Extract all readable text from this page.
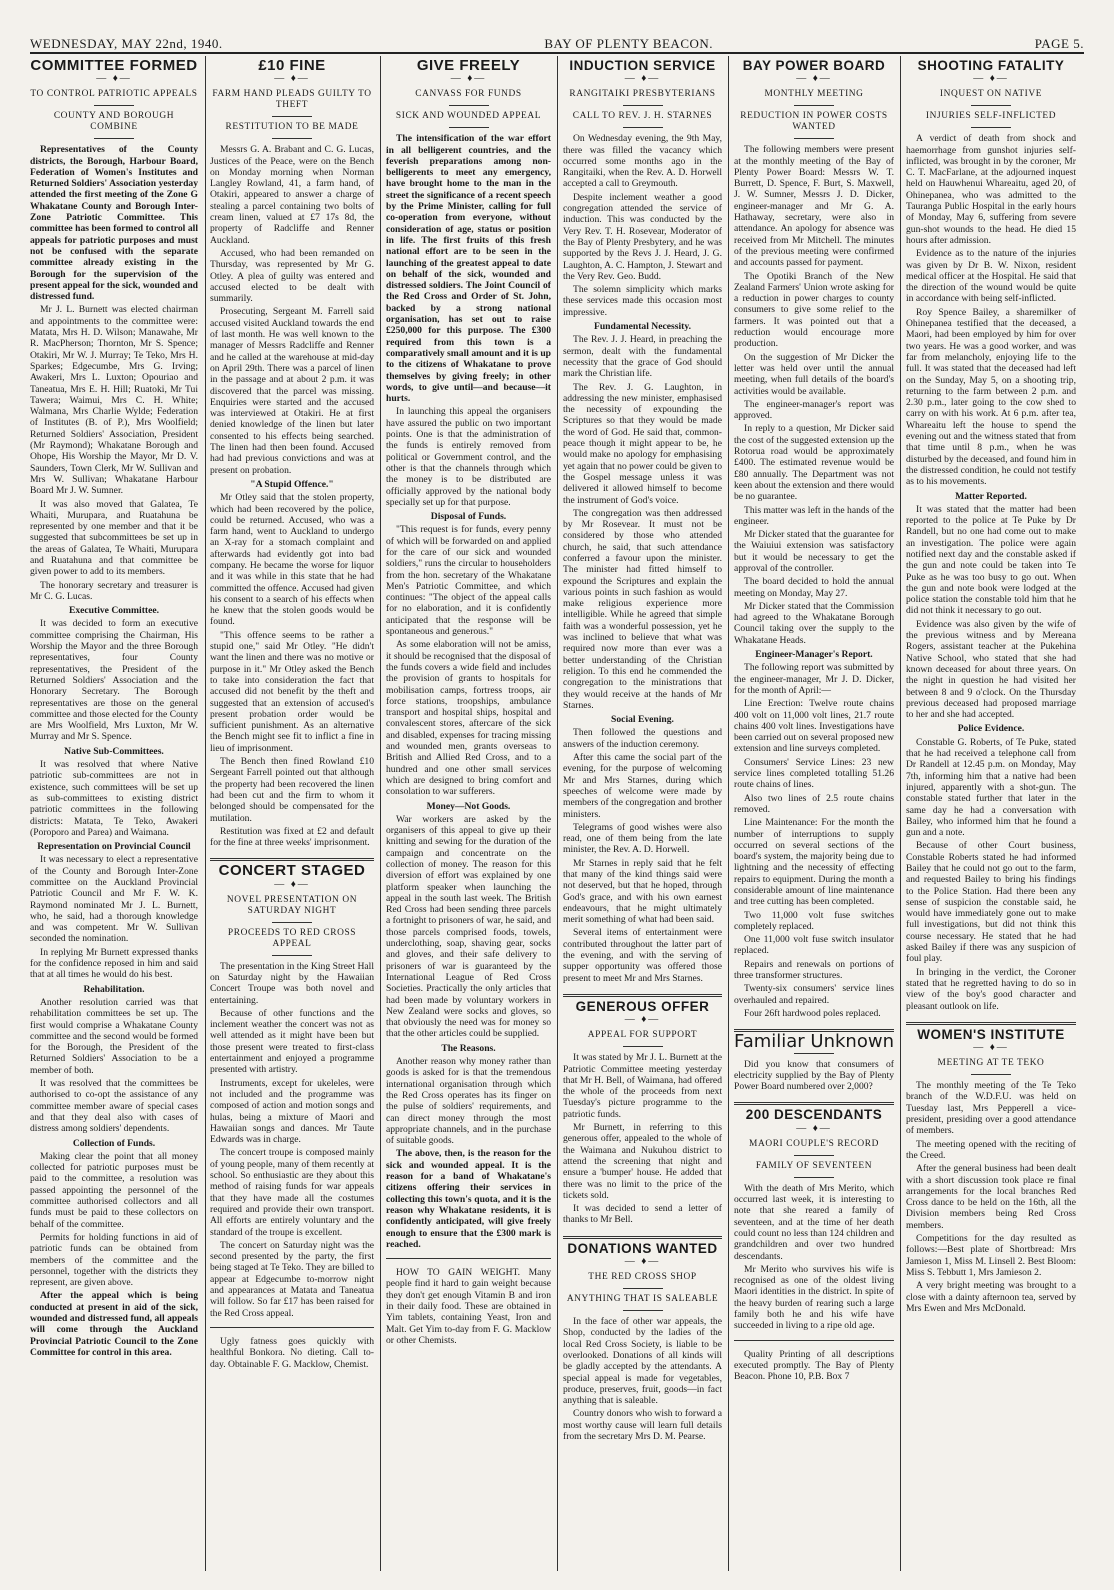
WEDNESDAY, MAY 22nd, 1940.	BAY OF PLENTY BEACON.	PAGE 5.
COMMITTEE FORMED
— ♦—
TO CONTROL PATRIOTIC APPEALS
COUNTY AND BOROUGH COMBINE

Representatives of the County districts, the Borough, Harbour Board, Federation of Women's Institutes and Returned Soldiers' Association yesterday attended the first meeting of the Zone G Whakatane County and Borough Inter-Zone Patriotic Committee. This committee has been formed to control all appeals for patriotic purposes and must not be confused with the separate committee already existing in the Borough for the supervision of the present appeal for the sick, wounded and distressed fund.

Mr J. L. Burnett was elected chairman and appointments to the committee were: Matata, Mrs H. D. Wilson; Manawahe, Mr R. MacPherson; Thornton, Mr S. Spence; Otakiri, Mr W. J. Murray; Te Teko, Mrs H. Sparkes; Edgecumbe, Mrs G. Irving; Awakeri, Mrs L. Luxton; Opouriao and Taneatua, Mrs E. H. Hill; Ruatoki, Mr Tui Tawera; Waimui, Mrs C. H. White; Walmana, Mrs Charlie Wylde; Federation of Institutes (B. of P.), Mrs Woolfield; Returned Soldiers' Association, President (Mr Raymond); Whakatane Borough and Ohope, His Worship the Mayor, Mr D. V. Saunders, Town Clerk, Mr W. Sullivan and Mrs W. Sullivan; Whakatane Harbour Board Mr J. W. Sumner.

It was also moved that Galatea, Te Whaiti, Murupara, and Ruatahuna be represented by one member and that it be suggested that subcommittees be set up in the areas of Galatea, Te Whaiti, Murupara and Ruatahuna and that committee be given power to add to its members.

The honorary secretary and treasurer is Mr C. G. Lucas.

Executive Committee.

It was decided to form an executive committee comprising the Chairman, His Worship the Mayor and the three Borough representatives, four County representatives, the President of the Returned Soldiers' Association and the Honorary Secretary. The Borough representatives are those on the general committee and those elected for the County are Mrs Woolfield, Mrs Luxton, Mr W. Murray and Mr S. Spence.

Native Sub-Committees.

It was resolved that where Native patriotic sub-committees are not in existence, such committees will be set up as sub-committees to existing district patriotic committees in the following districts: Matata, Te Teko, Awakeri (Poroporo and Pareа) and Waimana.

Representation on Provincial Council

It was necessary to elect a representative of the County and Borough Inter-Zone committee on the Auckland Provincial Patriotic Council and Mr F. W. K. Raymond nominated Mr J. L. Burnett, who, he said, had a thorough knowledge and was competent. Mr W. Sullivan seconded the nomination.

In replying Mr Burnett expressed thanks for the confidence reposed in him and said that at all times he would do his best.

Rehabilitation.

Another resolution carried was that rehabilitation committees be set up. The first would comprise a Whakatane County committee and the second would be formed for the Borough, the President of the Returned Soldiers' Association to be a member of both.

It was resolved that the committees be authorised to co-opt the assistance of any committee member aware of special cases and that they deal also with cases of distress among soldiers' dependents.

Collection of Funds.

Making clear the point that all money collected for patriotic purposes must be paid to the committee, a resolution was passed appointing the personnel of the committee authorised collectors and all funds must be paid to these collectors on behalf of the committee.

Permits for holding functions in aid of patriotic funds can be obtained from members of the committee and the personnel, together with the districts they represent, are given above.

After the appeal which is being conducted at present in aid of the sick, wounded and distressed fund, all appeals will come through the Auckland Provincial Patriotic Council to the Zone Committee for control in this area.

£10 FINE
— ♦—
FARM HAND PLEADS GUILTY TO THEFT
RESTITUTION TO BE MADE

Messrs G. A. Brabant and C. G. Lucas, Justices of the Peace, were on the Bench on Monday morning when Norman Langley Rowland, 41, a farm hand, of Otakiri, appeared to answer a charge of stealing a parcel containing two bolts of cream linen, valued at £7 17s 8d, the property of Radcliffe and Renner Auckland.

Accused, who had been remanded on Thursday, was represented by Mr G. Otley. A plea of guilty was entered and accused elected to be dealt with summarily.

Prosecuting, Sergeant M. Farrell said accused visited Auckland towards the end of last month. He was well known to the manager of Messrs Radcliffe and Renner and he called at the warehouse at mid-day on April 29th. There was a parcel of linen in the passage and at about 2 p.m. it was discovered that the parcel was missing. Enquiries were started and the accused was interviewed at Otakiri. He at first denied knowledge of the linen but later consented to his effects being searched. The linen had then been found. Accused had had previous convictions and was at present on probation.

"A Stupid Offence."

Mr Otley said that the stolen property, which had been recovered by the police, could be returned. Accused, who was a farm hand, went to Auckland to undergo an X-ray for a stomach complaint and afterwards had evidently got into bad company. He became the worse for liquor and it was while in this state that he had committed the offence. Accused had given his consent to a search of his effects when he knew that the stolen goods would be found.

"This offence seems to be rather a stupid one," said Mr Otley. "He didn't want the linen and there was no motive or purpose in it." Mr Otley asked the Bench to take into consideration the fact that accused did not benefit by the theft and suggested that an extension of accused's present probation order would be sufficient punishment. As an alternative the Bench might see fit to inflict a fine in lieu of imprisonment.

The Bench then fined Rowland £10 Sergeant Farrell pointed out that although the property had been recovered the linen had been cut and the firm to whom it belonged should be compensated for the mutilation.

Restitution was fixed at £2 and default for the fine at three weeks' imprisonment.

CONCERT STAGED
— ♦—
NOVEL PRESENTATION ON SATURDAY NIGHT
PROCEEDS TO RED CROSS APPEAL

The presentation in the King Street Hall on Saturday night by the Hawaiian Concert Troupe was both novel and entertaining.

Because of other functions and the inclement weather the concert was not as well attended as it might have been but those present were treated to first-class entertainment and enjoyed a programme presented with artistry.

Instruments, except for ukeleles, were not included and the programme was composed of action and motion songs and hulas, being a mixture of Maori and Hawaiian songs and dances. Mr Taute Edwards was in charge.

The concert troupe is composed mainly of young people, many of them recently at school. So enthusiastic are they about this method of raising funds for war appeals that they have made all the costumes required and provide their own transport. All efforts are entirely voluntary and the standard of the troupe is excellent.

The concert on Saturday night was the second presented by the party, the first being staged at Te Teko. They are billed to appear at Edgecumbe to-morrow night and appearances at Matata and Taneatua will follow. So far £17 has been raised for the Red Cross appeal.

Ugly fatness goes quickly with healthful Bonkora. No dieting. Call to-day. Obtainable F. G. Macklow, Chemist.

GIVE FREELY
— ♦—
CANVASS FOR FUNDS
SICK AND WOUNDED APPEAL

The intensification of the war effort in all belligerent countries, and the feverish preparations among non-belligerents to meet any emergency, have brought home to the man in the street the significance of a recent speech by the Prime Minister, calling for full co-operation from everyone, without consideration of age, status or position in life. The first fruits of this fresh national effort are to be seen in the launching of the greatest appeal to date on behalf of the sick, wounded and distressed soldiers. The Joint Council of the Red Cross and Order of St. John, backed by a strong national organisation, has set out to raise £250,000 for this purpose. The £300 required from this town is a comparatively small amount and it is up to the citizens of Whakatane to prove themselves by giving freely; in other words, to give until—and because—it hurts.

In launching this appeal the organisers have assured the public on two important points. One is that the administration of the funds is entirely removed from political or Government control, and the other is that the channels through which the money is to be distributed are officially approved by the national body specially set up for that purpose.

Disposal of Funds.

"This request is for funds, every penny of which will be forwarded on and applied for the care of our sick and wounded soldiers," runs the circular to householders from the hon. secretary of the Whakatane Men's Patriotic Committee, and which continues: "The object of the appeal calls for no elaboration, and it is confidently anticipated that the response will be spontaneous and generous."

As some elaboration will not be amiss, it should be recognised that the disposal of the funds covers a wide field and includes the provision of grants to hospitals for mobilisation camps, fortress troops, air force stations, troopships, ambulance transport and hospital ships, hospital and convalescent stores, aftercare of the sick and disabled, expenses for tracing missing and wounded men, grants overseas to British and Allied Red Cross, and to a hundred and one other small services which are designed to bring comfort and consolation to war sufferers.

Money—Not Goods.

War workers are asked by the organisers of this appeal to give up their knitting and sewing for the duration of the campaign and concentrate on the collection of money. The reason for this diversion of effort was explained by one platform speaker when launching the appeal in the south last week. The British Red Cross had been sending three parcels a fortnight to prisoners of war, he said, and those parcels comprised foods, towels, underclothing, soap, shaving gear, socks and gloves, and their safe delivery to prisoners of war is guaranteed by the International League of Red Cross Societies. Practically the only articles that had been made by voluntary workers in New Zealand were socks and gloves, so that obviously the need was for money so that the other articles could be supplied.

The Reasons.

Another reason why money rather than goods is asked for is that the tremendous international organisation through which the Red Cross operates has its finger on the pulse of soldiers' requirements, and can direct money through the most appropriate channels, and in the purchase of suitable goods.

The above, then, is the reason for the sick and wounded appeal. It is the reason for a band of Whakatane's citizens offering their services in collecting this town's quota, and it is the reason why Whakatane residents, it is confidently anticipated, will give freely enough to ensure that the £300 mark is reached.

HOW TO GAIN WEIGHT. Many people find it hard to gain weight because they don't get enough Vitamin B and iron in their daily food. These are obtained in Yim tablets, containing Yeast, Iron and Malt. Get Yim to-day from F. G. Macklow or other Chemists.

INDUCTION SERVICE
— ♦—
RANGITAIKI PRESBYTERIANS
CALL TO REV. J. H. STARNES

On Wednesday evening, the 9th May, there was filled the vacancy which occurred some months ago in the Rangitaiki, when the Rev. A. D. Horwell accepted a call to Greymouth.

Despite inclement weather a good congregation attended the service of induction. This was conducted by the Very Rev. T. H. Rosevear, Moderator of the Bay of Plenty Presbytery, and he was supported by the Revs J. J. Heard, J. G. Laughton, A. C. Hampton, J. Stewart and the Very Rev. Geo. Budd.

The solemn simplicity which marks these services made this occasion most impressive.

Fundamental Necessity.

The Rev. J. J. Heard, in preaching the sermon, dealt with the fundamental necessity that the grace of God should mark the Christian life.

The Rev. J. G. Laughton, in addressing the new minister, emphasised the necessity of expounding the Scriptures so that they would be made the word of God. He said that, common-peace though it might appear to be, he would make no apology for emphasising yet again that no power could be given to the Gospel message unless it was delivered it allowed himself to become the instrument of God's voice.

The congregation was then addressed by Mr Rosevear. It must not be considered by those who attended church, he said, that such attendance conferred a favour upon the minister. The minister had fitted himself to expound the Scriptures and explain the various points in such fashion as would make religious experience more intelligible. While he agreed that simple faith was a wonderful possession, yet he was inclined to believe that what was required now more than ever was a better understanding of the Christian religion. To this end he commended the congregation to the ministrations that they would receive at the hands of Mr Starnes.

Social Evening.

Then followed the questions and answers of the induction ceremony.

After this came the social part of the evening, for the purpose of welcoming Mr and Mrs Starnes, during which speeches of welcome were made by members of the congregation and brother ministers.

Telegrams of good wishes were also read, one of them being from the late minister, the Rev. A. D. Horwell.

Mr Starnes in reply said that he felt that many of the kind things said were not deserved, but that he hoped, through God's grace, and with his own earnest endeavours, that he might ultimately merit something of what had been said.

Several items of entertainment were contributed throughout the latter part of the evening, and with the serving of supper opportunity was offered those present to meet Mr and Mrs Starnes.

GENEROUS OFFER
— ♦—
APPEAL FOR SUPPORT

It was stated by Mr J. L. Burnett at the Patriotic Committee meeting yesterday that Mr H. Bell, of Waimana, had offered the whole of the proceeds from next Tuesday's picture programme to the patriotic funds.

Mr Burnett, in referring to this generous offer, appealed to the whole of the Waimana and Nukuhou district to attend the screening that night and ensure a 'bumper' house. He added that there was no limit to the price of the tickets sold.

It was decided to send a letter of thanks to Mr Bell.

DONATIONS WANTED
— ♦—
THE RED CROSS SHOP
ANYTHING THAT IS SALEABLE

In the face of other war appeals, the Shop, conducted by the ladies of the local Red Cross Society, is liable to be overlooked. Donations of all kinds will be gladly accepted by the attendants. A special appeal is made for vegetables, produce, preserves, fruit, goods—in fact anything that is saleable.

Country donors who wish to forward a most worthy cause will learn full details from the secretary Mrs D. M. Pearse.

BAY POWER BOARD
— ♦—
MONTHLY MEETING
REDUCTION IN POWER COSTS WANTED

The following members were present at the monthly meeting of the Bay of Plenty Power Board: Messrs W. T. Burrett, D. Spence, F. Burt, S. Maxwell, J. W. Sumner, Messrs J. D. Dicker, engineer-manager and Mr G. A. Hathaway, secretary, were also in attendance. An apology for absence was received from Mr Mitchell. The minutes of the previous meeting were confirmed and accounts passed for payment.

The Opotiki Branch of the New Zealand Farmers' Union wrote asking for a reduction in power charges to county consumers to give some relief to the farmers. It was pointed out that a reduction would encourage more production.

On the suggestion of Mr Dicker the letter was held over until the annual meeting, when full details of the board's activities would be available.

The engineer-manager's report was approved.

In reply to a question, Mr Dicker said the cost of the suggested extension up the Rotorua road would be approximately £400. The estimated revenue would be £80 annually. The Department was not keen about the extension and there would be no guarantee.

This matter was left in the hands of the engineer.

Mr Dicker stated that the guarantee for the Waiuiui extension was satisfactory but it would be necessary to get the approval of the controller.

The board decided to hold the annual meeting on Monday, May 27.

Mr Dicker stated that the Commission had agreed to the Whakatane Borough Council taking over the supply to the Whakatane Heads.

Engineer-Manager's Report.

The following report was submitted by the engineer-manager, Mr J. D. Dicker, for the month of April:—

Line Erection: Twelve route chains 400 volt on 11,000 volt lines, 21.7 route chains 400 volt lines. Investigations have been carried out on several proposed new extension and line surveys completed.

Consumers' Service Lines: 23 new service lines completed totalling 51.26 route chains of lines.

Also two lines of 2.5 route chains removed.

Line Maintenance: For the month the number of interruptions to supply occurred on several sections of the board's system, the majority being due to lightning and the necessity of effecting repairs to equipment. During the month a considerable amount of line maintenance and tree cutting has been completed.

Two 11,000 volt fuse switches completely replaced.

One 11,000 volt fuse switch insulator replaced.

Repairs and renewals on portions of three transformer structures.

Twenty-six consumers' service lines overhauled and repaired.

Four 26ft hardwood poles replaced.

Familiar Unknown

Did you know that consumers of electricity supplied by the Bay of Plenty Power Board numbered over 2,000?

200 DESCENDANTS
— ♦—
MAORI COUPLE'S RECORD
FAMILY OF SEVENTEEN

With the death of Mrs Merito, which occurred last week, it is interesting to note that she reared a family of seventeen, and at the time of her death could count no less than 124 children and grandchildren and over two hundred descendants.

Mr Merito who survives his wife is recognised as one of the oldest living Maori identities in the district. In spite of the heavy burden of rearing such a large family both he and his wife have succeeded in living to a ripe old age.

Quality Printing of all descriptions executed promptly. The Bay of Plenty Beacon. Phone 10, P.B. Box 7

SHOOTING FATALITY
— ♦—
INQUEST ON NATIVE
INJURIES SELF-INFLICTED

A verdict of death from shock and haemorrhage from gunshot injuries self-inflicted, was brought in by the coroner, Mr C. T. MacFarlane, at the adjourned inquest held on Hauwhenui Whareaitu, aged 20, of Ohinepanea, who was admitted to the Tauranga Public Hospital in the early hours of Monday, May 6, suffering from severe gun-shot wounds to the head. He died 15 hours after admission.

Evidence as to the nature of the injuries was given by Dr B. W. Nixon, resident medical officer at the Hospital. He said that the direction of the wound would be quite in accordance with being self-inflicted.

Roy Spence Bailey, a sharemilker of Ohinepanea testified that the deceased, a Maori, had been employed by him for over two years. He was a good worker, and was far from melancholy, enjoying life to the full. It was stated that the deceased had left on the Sunday, May 5, on a shooting trip, returning to the farm between 2 p.m. and 2.30 p.m., later going to the cow shed to carry on with his work. At 6 p.m. after tea, Whareaitu left the house to spend the evening out and the witness stated that from that time until 8 p.m., when he was disturbed by the deceased, and found him in the distressed condition, he could not testify as to his movements.

Matter Reported.

It was stated that the matter had been reported to the police at Te Puke by Dr Randell, but no one had come out to make an investigation. The police were again notified next day and the constable asked if the gun and note could be taken into Te Puke as he was too busy to go out. When the gun and note book were lodged at the police station the constable told him that he did not think it necessary to go out.

Evidence was also given by the wife of the previous witness and by Mereana Rogers, assistant teacher at the Pukehina Native School, who stated that she had known deceased for about three years. On the night in question he had visited her between 8 and 9 o'clock. On the Thursday previous deceased had proposed marriage to her and she had accepted.

Police Evidence.

Constable G. Roberts, of Te Puke, stated that he had received a telephone call from Dr Randell at 12.45 p.m. on Monday, May 7th, informing him that a native had been injured, apparently with a shot-gun. The constable stated further that later in the same day he had a conversation with Bailey, who informed him that he found a gun and a note.

Because of other Court business, Constable Roberts stated he had informed Bailey that he could not go out to the farm, and requested Bailey to bring his findings to the Police Station. Had there been any sense of suspicion the constable said, he would have immediately gone out to make full investigations, but did not think this course necessary. He stated that he had asked Bailey if there was any suspicion of foul play.

In bringing in the verdict, the Coroner stated that he regretted having to do so in view of the boy's good character and pleasant outlook on life.

WOMEN'S INSTITUTE
— ♦—
MEETING AT TE TEKO

The monthly meeting of the Te Teko branch of the W.D.F.U. was held on Tuesday last, Mrs Pepperell a vice-president, presiding over a good attendance of members.

The meeting opened with the reciting of the Creed.

After the general business had been dealt with a short discussion took place re final arrangements for the local branches Red Cross dance to be held on the 16th, all the Division members being Red Cross members.

Competitions for the day resulted as follows:—Best plate of Shortbread: Mrs Jamieson 1, Miss M. Linsell 2. Best Bloom: Miss S. Tebbutt 1, Mrs Jamieson 2.

A very bright meeting was brought to a close with a dainty afternoon tea, served by Mrs Ewen and Mrs McDonald.
